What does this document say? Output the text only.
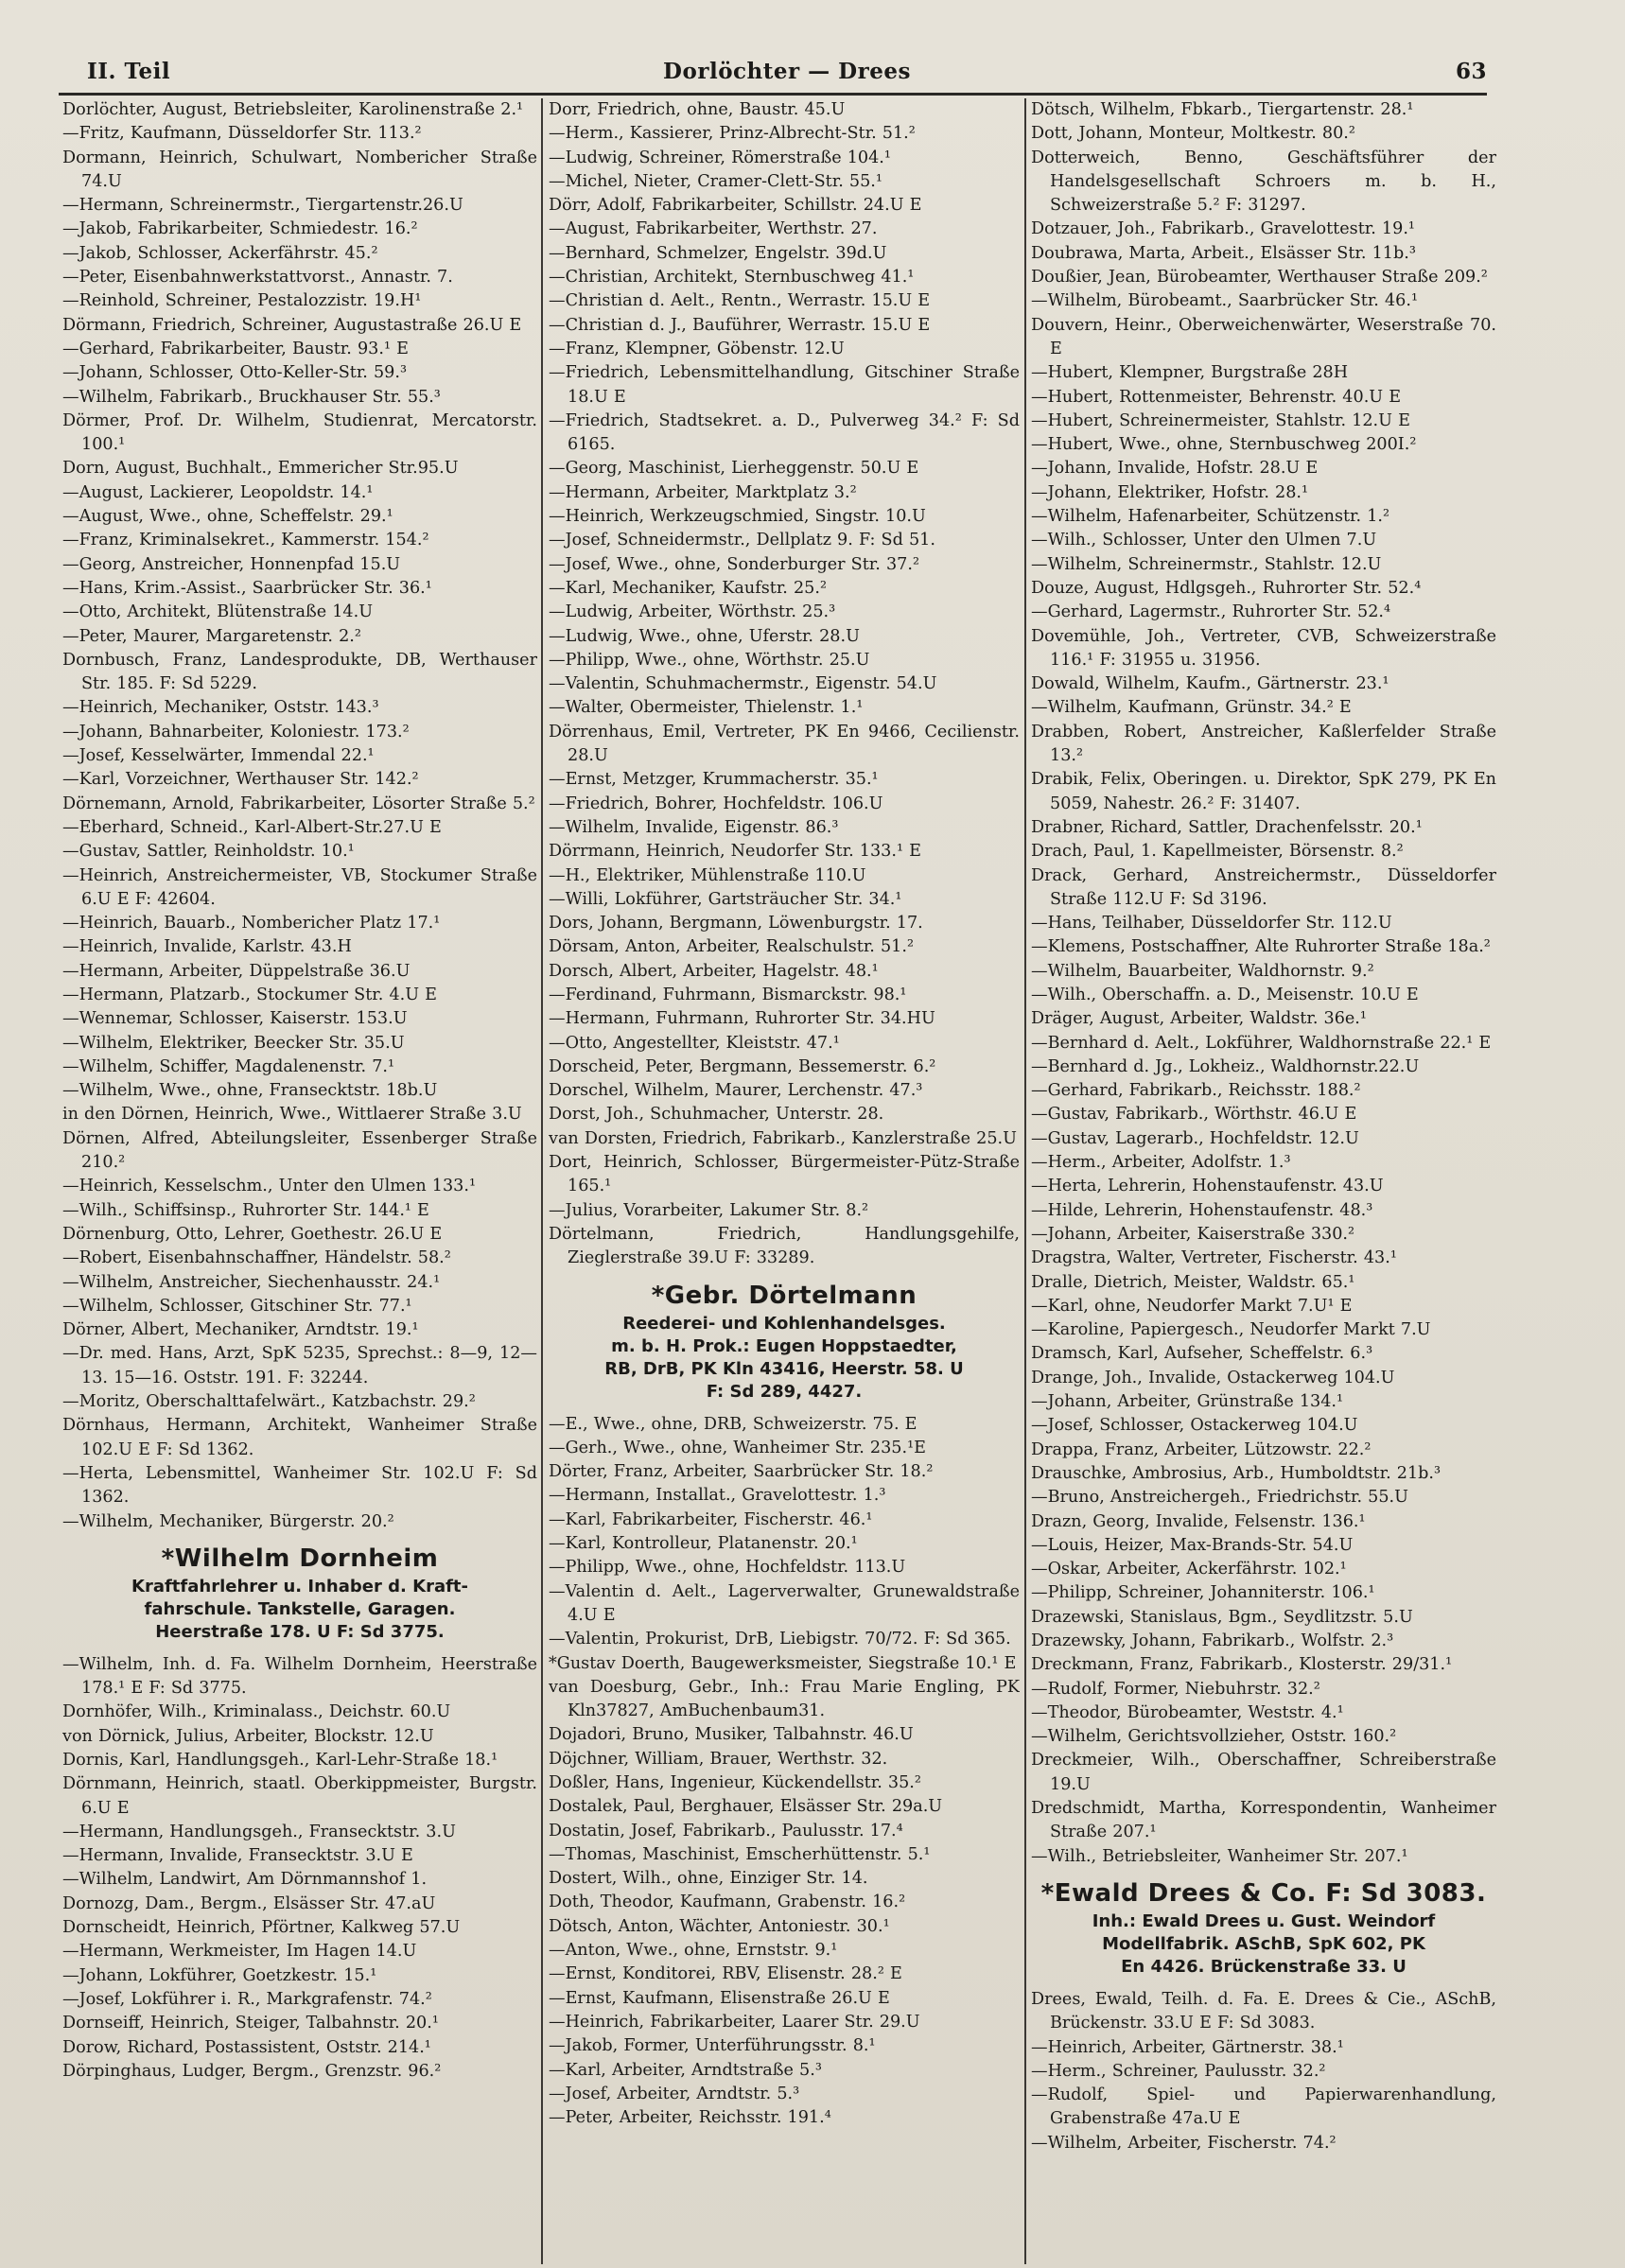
II. Teil	Dorlöchter — Drees	63
Dorlöchter, August, Betriebsleiter, Karolinenstraße 2.¹
—Fritz, Kaufmann, Düsseldorfer Str. 113.²
Dormann, Heinrich, Schulwart, Nombericher Straße 74.U
—Hermann, Schreinermstr., Tiergartenstr.26.U
—Jakob, Fabrikarbeiter, Schmiedestr. 16.²
—Jakob, Schlosser, Ackerfährstr. 45.²
—Peter, Eisenbahnwerkstattvorst., Annastr. 7.
—Reinhold, Schreiner, Pestalozzistr. 19.H¹
Dörmann, Friedrich, Schreiner, Augustastraße 26.U E
—Gerhard, Fabrikarbeiter, Baustr. 93.¹ E
—Johann, Schlosser, Otto-Keller-Str. 59.³
—Wilhelm, Fabrikarb., Bruckhauser Str. 55.³
Dörmer, Prof. Dr. Wilhelm, Studienrat, Mercatorstr. 100.¹
Dorn, August, Buchhalt., Emmericher Str.95.U
—August, Lackierer, Leopoldstr. 14.¹
—August, Wwe., ohne, Scheffelstr. 29.¹
—Franz, Kriminalsekret., Kammerstr. 154.²
—Georg, Anstreicher, Honnenpfad 15.U
—Hans, Krim.-Assist., Saarbrücker Str. 36.¹
—Otto, Architekt, Blütenstraße 14.U
—Peter, Maurer, Margaretenstr. 2.²
Dornbusch, Franz, Landesprodukte, DB, Werthauser Str. 185. F: Sd 5229.
—Heinrich, Mechaniker, Oststr. 143.³
—Johann, Bahnarbeiter, Koloniestr. 173.²
—Josef, Kesselwärter, Immendal 22.¹
—Karl, Vorzeichner, Werthauser Str. 142.²
Dörnemann, Arnold, Fabrikarbeiter, Lösorter Straße 5.²
—Eberhard, Schneid., Karl-Albert-Str.27.U E
—Gustav, Sattler, Reinholdstr. 10.¹
—Heinrich, Anstreichermeister, VB, Stockumer Straße 6.U E F: 42604.
—Heinrich, Bauarb., Nombericher Platz 17.¹
—Heinrich, Invalide, Karlstr. 43.H
—Hermann, Arbeiter, Düppelstraße 36.U
—Hermann, Platzarb., Stockumer Str. 4.U E
—Wennemar, Schlosser, Kaiserstr. 153.U
—Wilhelm, Elektriker, Beecker Str. 35.U
—Wilhelm, Schiffer, Magdalenenstr. 7.¹
—Wilhelm, Wwe., ohne, Fransecktstr. 18b.U
in den Dörnen, Heinrich, Wwe., Wittlaerer Straße 3.U
Dörnen, Alfred, Abteilungsleiter, Essenberger Straße 210.²
—Heinrich, Kesselschm., Unter den Ulmen 133.¹
—Wilh., Schiffsinsp., Ruhrorter Str. 144.¹ E
Dörnenburg, Otto, Lehrer, Goethestr. 26.U E
—Robert, Eisenbahnschaffner, Händelstr. 58.²
—Wilhelm, Anstreicher, Siechenhausstr. 24.¹
—Wilhelm, Schlosser, Gitschiner Str. 77.¹
Dörner, Albert, Mechaniker, Arndtstr. 19.¹
—Dr. med. Hans, Arzt, SpK 5235, Sprechst.: 8—9, 12—13. 15—16. Oststr. 191. F: 32244.
—Moritz, Oberschalttafelwärt., Katzbachstr. 29.²
Dörnhaus, Hermann, Architekt, Wanheimer Straße 102.U E F: Sd 1362.
—Herta, Lebensmittel, Wanheimer Str. 102.U F: Sd 1362.
—Wilhelm, Mechaniker, Bürgerstr. 20.²
*Wilhelm Dornheim
Kraftfahrlehrer u. Inhaber d. Kraft-
fahrschule. Tankstelle, Garagen.
Heerstraße 178. U F: Sd 3775.
—Wilhelm, Inh. d. Fa. Wilhelm Dornheim, Heerstraße 178.¹ E F: Sd 3775.
Dornhöfer, Wilh., Kriminalass., Deichstr. 60.U
von Dörnick, Julius, Arbeiter, Blockstr. 12.U
Dornis, Karl, Handlungsgeh., Karl-Lehr-Straße 18.¹
Dörnmann, Heinrich, staatl. Oberkippmeister, Burgstr. 6.U E
—Hermann, Handlungsgeh., Fransecktstr. 3.U
—Hermann, Invalide, Fransecktstr. 3.U E
—Wilhelm, Landwirt, Am Dörnmannshof 1.
Dornozg, Dam., Bergm., Elsässer Str. 47.aU
Dornscheidt, Heinrich, Pförtner, Kalkweg 57.U
—Hermann, Werkmeister, Im Hagen 14.U
—Johann, Lokführer, Goetzkestr. 15.¹
—Josef, Lokführer i. R., Markgrafenstr. 74.²
Dornseiff, Heinrich, Steiger, Talbahnstr. 20.¹
Dorow, Richard, Postassistent, Oststr. 214.¹
Dörpinghaus, Ludger, Bergm., Grenzstr. 96.²
Dorr, Friedrich, ohne, Baustr. 45.U
—Herm., Kassierer, Prinz-Albrecht-Str. 51.²
—Ludwig, Schreiner, Römerstraße 104.¹
—Michel, Nieter, Cramer-Clett-Str. 55.¹
Dörr, Adolf, Fabrikarbeiter, Schillstr. 24.U E
—August, Fabrikarbeiter, Werthstr. 27.
—Bernhard, Schmelzer, Engelstr. 39d.U
—Christian, Architekt, Sternbuschweg 41.¹
—Christian d. Aelt., Rentn., Werrastr. 15.U E
—Christian d. J., Bauführer, Werrastr. 15.U E
—Franz, Klempner, Göbenstr. 12.U
—Friedrich, Lebensmittelhandlung, Gitschiner Straße 18.U E
—Friedrich, Stadtsekret. a. D., Pulverweg 34.² F: Sd 6165.
—Georg, Maschinist, Lierheggenstr. 50.U E
—Hermann, Arbeiter, Marktplatz 3.²
—Heinrich, Werkzeugschmied, Singstr. 10.U
—Josef, Schneidermstr., Dellplatz 9. F: Sd 51.
—Josef, Wwe., ohne, Sonderburger Str. 37.²
—Karl, Mechaniker, Kaufstr. 25.²
—Ludwig, Arbeiter, Wörthstr. 25.³
—Ludwig, Wwe., ohne, Uferstr. 28.U
—Philipp, Wwe., ohne, Wörthstr. 25.U
—Valentin, Schuhmachermstr., Eigenstr. 54.U
—Walter, Obermeister, Thielenstr. 1.¹
Dörrenhaus, Emil, Vertreter, PK En 9466, Cecilienstr. 28.U
—Ernst, Metzger, Krummacherstr. 35.¹
—Friedrich, Bohrer, Hochfeldstr. 106.U
—Wilhelm, Invalide, Eigenstr. 86.³
Dörrmann, Heinrich, Neudorfer Str. 133.¹ E
—H., Elektriker, Mühlenstraße 110.U
—Willi, Lokführer, Gartsträucher Str. 34.¹
Dors, Johann, Bergmann, Löwenburgstr. 17.
Dörsam, Anton, Arbeiter, Realschulstr. 51.²
Dorsch, Albert, Arbeiter, Hagelstr. 48.¹
—Ferdinand, Fuhrmann, Bismarckstr. 98.¹
—Hermann, Fuhrmann, Ruhrorter Str. 34.HU
—Otto, Angestellter, Kleiststr. 47.¹
Dorscheid, Peter, Bergmann, Bessemerstr. 6.²
Dorschel, Wilhelm, Maurer, Lerchenstr. 47.³
Dorst, Joh., Schuhmacher, Unterstr. 28.
van Dorsten, Friedrich, Fabrikarb., Kanzlerstraße 25.U
Dort, Heinrich, Schlosser, Bürgermeister-Pütz-Straße 165.¹
—Julius, Vorarbeiter, Lakumer Str. 8.²
Dörtelmann, Friedrich, Handlungsgehilfe, Zieglerstraße 39.U F: 33289.
*Gebr. Dörtelmann
Reederei- und Kohlenhandelsges.
m. b. H. Prok.: Eugen Hoppstaedter,
RB, DrB, PK Kln 43416, Heerstr. 58. U
F: Sd 289, 4427.
—E., Wwe., ohne, DRB, Schweizerstr. 75. E
—Gerh., Wwe., ohne, Wanheimer Str. 235.¹E
Dörter, Franz, Arbeiter, Saarbrücker Str. 18.²
—Hermann, Installat., Gravelottestr. 1.³
—Karl, Fabrikarbeiter, Fischerstr. 46.¹
—Karl, Kontrolleur, Platanenstr. 20.¹
—Philipp, Wwe., ohne, Hochfeldstr. 113.U
—Valentin d. Aelt., Lagerverwalter, Grunewaldstraße 4.U E
—Valentin, Prokurist, DrB, Liebigstr. 70/72. F: Sd 365.
*Gustav Doerth, Baugewerksmeister, Siegstraße 10.¹ E
van Doesburg, Gebr., Inh.: Frau Marie Engling, PK Kln37827, AmBuchenbaum31.
Dojadori, Bruno, Musiker, Talbahnstr. 46.U
Döjchner, William, Brauer, Werthstr. 32.
Doßler, Hans, Ingenieur, Kückendellstr. 35.²
Dostalek, Paul, Berghauer, Elsässer Str. 29a.U
Dostatin, Josef, Fabrikarb., Paulusstr. 17.⁴
—Thomas, Maschinist, Emscherhüttenstr. 5.¹
Dostert, Wilh., ohne, Einziger Str. 14.
Doth, Theodor, Kaufmann, Grabenstr. 16.²
Dötsch, Anton, Wächter, Antoniestr. 30.¹
—Anton, Wwe., ohne, Ernststr. 9.¹
—Ernst, Konditorei, RBV, Elisenstr. 28.² E
—Ernst, Kaufmann, Elisenstraße 26.U E
—Heinrich, Fabrikarbeiter, Laarer Str. 29.U
—Jakob, Former, Unterführungsstr. 8.¹
—Karl, Arbeiter, Arndtstraße 5.³
—Josef, Arbeiter, Arndtstr. 5.³
—Peter, Arbeiter, Reichsstr. 191.⁴
Dötsch, Wilhelm, Fbkarb., Tiergartenstr. 28.¹
Dott, Johann, Monteur, Moltkestr. 80.²
Dotterweich, Benno, Geschäftsführer der Handelsgesellschaft Schroers m. b. H., Schweizerstraße 5.² F: 31297.
Dotzauer, Joh., Fabrikarb., Gravelottestr. 19.¹
Doubrawa, Marta, Arbeit., Elsässer Str. 11b.³
Doußier, Jean, Bürobeamter, Werthauser Straße 209.²
—Wilhelm, Bürobeamt., Saarbrücker Str. 46.¹
Douvern, Heinr., Oberweichenwärter, Weserstraße 70. E
—Hubert, Klempner, Burgstraße 28H
—Hubert, Rottenmeister, Behrenstr. 40.U E
—Hubert, Schreinermeister, Stahlstr. 12.U E
—Hubert, Wwe., ohne, Sternbuschweg 200I.²
—Johann, Invalide, Hofstr. 28.U E
—Johann, Elektriker, Hofstr. 28.¹
—Wilhelm, Hafenarbeiter, Schützenstr. 1.²
—Wilh., Schlosser, Unter den Ulmen 7.U
—Wilhelm, Schreinermstr., Stahlstr. 12.U
Douze, August, Hdlgsgeh., Ruhrorter Str. 52.⁴
—Gerhard, Lagermstr., Ruhrorter Str. 52.⁴
Dovemühle, Joh., Vertreter, CVB, Schweizerstraße 116.¹ F: 31955 u. 31956.
Dowald, Wilhelm, Kaufm., Gärtnerstr. 23.¹
—Wilhelm, Kaufmann, Grünstr. 34.² E
Drabben, Robert, Anstreicher, Kaßlerfelder Straße 13.²
Drabik, Felix, Oberingen. u. Direktor, SpK 279, PK En 5059, Nahestr. 26.² F: 31407.
Drabner, Richard, Sattler, Drachenfelsstr. 20.¹
Drach, Paul, 1. Kapellmeister, Börsenstr. 8.²
Drack, Gerhard, Anstreichermstr., Düsseldorfer Straße 112.U F: Sd 3196.
—Hans, Teilhaber, Düsseldorfer Str. 112.U
—Klemens, Postschaffner, Alte Ruhrorter Straße 18a.²
—Wilhelm, Bauarbeiter, Waldhornstr. 9.²
—Wilh., Oberschaffn. a. D., Meisenstr. 10.U E
Dräger, August, Arbeiter, Waldstr. 36e.¹
—Bernhard d. Aelt., Lokführer, Waldhornstraße 22.¹ E
—Bernhard d. Jg., Lokheiz., Waldhornstr.22.U
—Gerhard, Fabrikarb., Reichsstr. 188.²
—Gustav, Fabrikarb., Wörthstr. 46.U E
—Gustav, Lagerarb., Hochfeldstr. 12.U
—Herm., Arbeiter, Adolfstr. 1.³
—Herta, Lehrerin, Hohenstaufenstr. 43.U
—Hilde, Lehrerin, Hohenstaufenstr. 48.³
—Johann, Arbeiter, Kaiserstraße 330.²
Dragstra, Walter, Vertreter, Fischerstr. 43.¹
Dralle, Dietrich, Meister, Waldstr. 65.¹
—Karl, ohne, Neudorfer Markt 7.U¹ E
—Karoline, Papiergesch., Neudorfer Markt 7.U
Dramsch, Karl, Aufseher, Scheffelstr. 6.³
Drange, Joh., Invalide, Ostackerweg 104.U
—Johann, Arbeiter, Grünstraße 134.¹
—Josef, Schlosser, Ostackerweg 104.U
Drappa, Franz, Arbeiter, Lützowstr. 22.²
Drauschke, Ambrosius, Arb., Humboldtstr. 21b.³
—Bruno, Anstreichergeh., Friedrichstr. 55.U
Drazn, Georg, Invalide, Felsenstr. 136.¹
—Louis, Heizer, Max-Brands-Str. 54.U
—Oskar, Arbeiter, Ackerfährstr. 102.¹
—Philipp, Schreiner, Johanniterstr. 106.¹
Drazewski, Stanislaus, Bgm., Seydlitzstr. 5.U
Drazewsky, Johann, Fabrikarb., Wolfstr. 2.³
Dreckmann, Franz, Fabrikarb., Klosterstr. 29/31.¹
—Rudolf, Former, Niebuhrstr. 32.²
—Theodor, Bürobeamter, Weststr. 4.¹
—Wilhelm, Gerichtsvollzieher, Oststr. 160.²
Dreckmeier, Wilh., Oberschaffner, Schreiberstraße 19.U
Dredschmidt, Martha, Korrespondentin, Wanheimer Straße 207.¹
—Wilh., Betriebsleiter, Wanheimer Str. 207.¹
*Ewald Drees & Co. F: Sd 3083.
Inh.: Ewald Drees u. Gust. Weindorf
Modellfabrik. ASchB, SpK 602, PK
En 4426. Brückenstraße 33. U
Drees, Ewald, Teilh. d. Fa. E. Drees & Cie., ASchB, Brückenstr. 33.U E F: Sd 3083.
—Heinrich, Arbeiter, Gärtnerstr. 38.¹
—Herm., Schreiner, Paulusstr. 32.²
—Rudolf, Spiel- und Papierwarenhandlung, Grabenstraße 47a.U E
—Wilhelm, Arbeiter, Fischerstr. 74.²
